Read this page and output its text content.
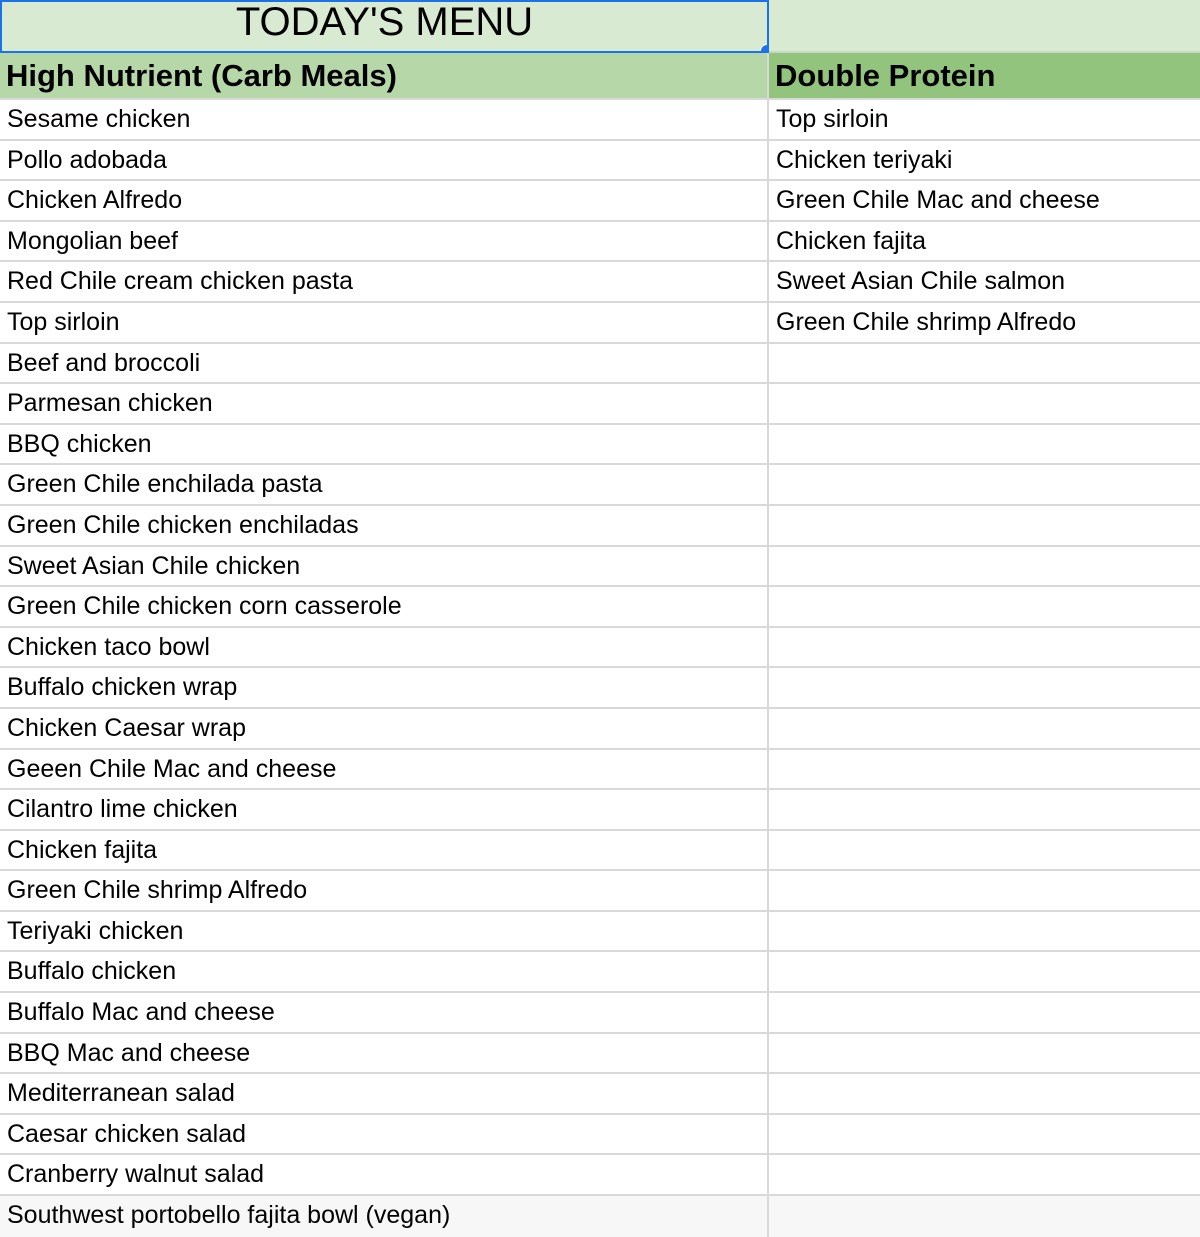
TODAY'S MENU
High Nutrient (Carb Meals)	Double Protein
Sesame chicken	Top sirloin
Pollo adobada	Chicken teriyaki
Chicken Alfredo	Green Chile Mac and cheese
Mongolian beef	Chicken fajita
Red Chile cream chicken pasta	Sweet Asian Chile salmon
Top sirloin	Green Chile shrimp Alfredo
Beef and broccoli
Parmesan chicken
BBQ chicken
Green Chile enchilada pasta
Green Chile chicken enchiladas
Sweet Asian Chile chicken
Green Chile chicken corn casserole
Chicken taco bowl
Buffalo chicken wrap
Chicken Caesar wrap
Geeen Chile Mac and cheese
Cilantro lime chicken
Chicken fajita
Green Chile shrimp Alfredo
Teriyaki chicken
Buffalo chicken
Buffalo Mac and cheese
BBQ Mac and cheese
Mediterranean salad
Caesar chicken salad
Cranberry walnut salad
Southwest portobello fajita bowl (vegan)
